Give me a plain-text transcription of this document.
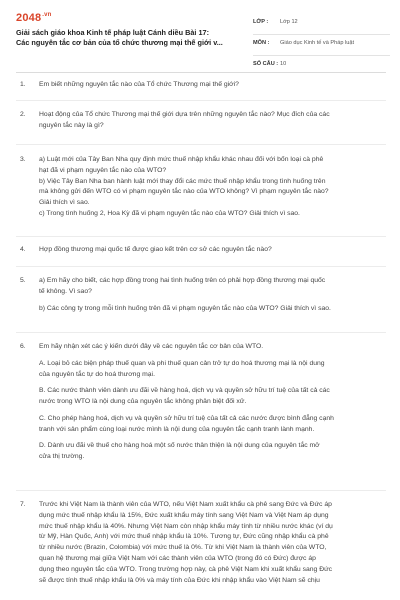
$2048^{.vn}$
Giải sách giáo khoa Kinh tế pháp luật Cánh diều Bài 17:
Các nguyên tắc cơ bản của tổ chức thương mại thế giới v...
LỚP : Lớp 12
MÔN : Giáo dục Kinh tế và Pháp luật
SỐ CÂU : 10
1. Em biết những nguyên tắc nào của Tổ chức Thương mại thế giới?

2. Hoạt động của Tổ chức Thương mại thế giới dựa trên những nguyên tắc nào? Mục đích của các

nguyên tắc này là gì?

3. a) Luật mới của Tây Ban Nha quy định mức thuế nhập khẩu khác nhau đối với bốn loại cà phê

hạt đã vi phạm nguyên tắc nào của WTO?

b) Việc Tây Ban Nha ban hành luật mới thay đổi các mức thuế nhập khẩu trong tình huống trên

mà không gửi đến WTO có vi phạm nguyên tắc nào của WTO không? Vì phạm nguyên tắc nào?

Giải thích vì sao.

c) Trong tình huống 2, Hoa Kỳ đã vi phạm nguyên tắc nào của WTO? Giải thích vì sao.

4. Hợp đồng thương mại quốc tế được giao kết trên cơ sở các nguyên tắc nào?

5. a) Em hãy cho biết, các hợp đồng trong hai tình huống trên có phải hợp đồng thương mại quốc

tế không. Vì sao?

b) Các công ty trong mỗi tình huống trên đã vi phạm nguyên tắc nào của WTO? Giải thích vì sao.

6. Em hãy nhận xét các ý kiến dưới đây về các nguyên tắc cơ bản của WTO.

A. Loại bỏ các biện pháp thuế quan và phi thuế quan cản trở tự do hoá thương mại là nội dung

của nguyên tắc tự do hoá thương mại.

B. Các nước thành viên dành ưu đãi về hàng hoá, dịch vụ và quyền sở hữu trí tuệ của tất cả các

nước trong WTO là nội dung của nguyên tắc không phân biệt đối xử.

C. Cho phép hàng hoá, dịch vụ và quyền sở hữu trí tuệ của tất cả các nước được bình đẳng cạnh

tranh với sản phẩm cùng loại nước mình là nội dung của nguyên tắc cạnh tranh lành mạnh.

D. Dành ưu đãi về thuế cho hàng hoá một số nước thân thiện là nội dung của nguyên tắc mở

cửa thị trường.

7. Trước khi Việt Nam là thành viên của WTO, nếu Việt Nam xuất khẩu cà phê sang Đức và Đức áp

dụng mức thuế nhập khẩu là 15%, Đức xuất khẩu máy tính sang Việt Nam và Việt Nam áp dụng

mức thuế nhập khẩu là 40%. Nhưng Việt Nam còn nhập khẩu máy tính từ nhiều nước khác (ví dụ

từ Mỹ, Hàn Quốc, Anh) với mức thuế nhập khẩu là 10%. Tương tự, Đức cũng nhập khẩu cà phê

từ nhiều nước (Brazin, Colombia) với mức thuế là 0%. Từ khi Việt Nam là thành viên của WTO,

quan hệ thương mại giữa Việt Nam với các thành viên của WTO (trong đó có Đức) được áp

dụng theo nguyên tắc của WTO. Trong trường hợp này, cà phê Việt Nam khi xuất khẩu sang Đức

sẽ được tính thuế nhập khẩu là 0% và máy tính của Đức khi nhập khẩu vào Việt Nam sẽ chịu
